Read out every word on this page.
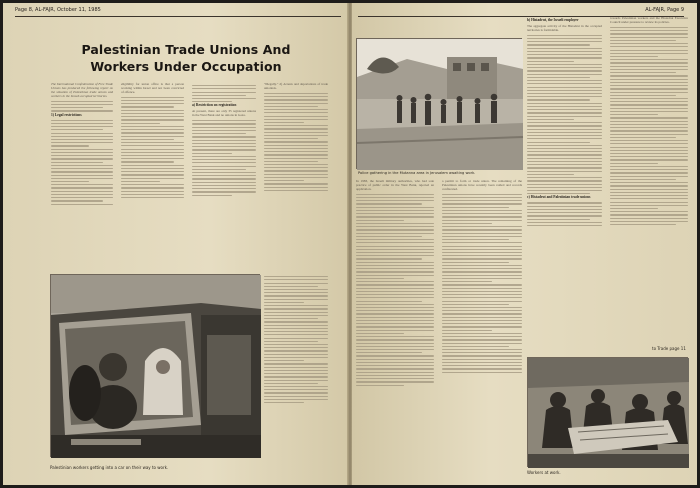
Page 8, AL-FAJR, October 11, 1985
Palestinian Trade Unions And
Workers Under Occupation
The International Confederation of Free Trade Unions has produced the following report on the situation of Palestinian trade unions and workers in the Israeli-occupied territories.
1) Legal restrictions
eligibility for union office is that a person working within Israel and not been convicted of offence.
a) Restriction on registration
At present, there are only 35 registered unions in the West Bank and no unions in Gaza.
"Illegally." d) Arrests and deportations of trade unionists.
Palestinian workers getting into a car on their way to work.
AL-FAJR, Page 9
Police gathering in the Mutanna area in Jerusalem awaiting work.
b) Histadrut, the Israeli employer
The aggregate activity of the Histadrut in the occupied territories is formidable.
c) Histadrut and Palestinian trade unions
towards Palestinian workers and the Histadrut Executive Council under pressure to review its policies.
to Trade page 11
In 1983, the Israeli military authorities, who had sole practice of public order in the West Bank, rejected an application.
a permit to form or trade union. The remaining of the Palestinian unions have recently been raided and records confiscated.
Workers at work.
